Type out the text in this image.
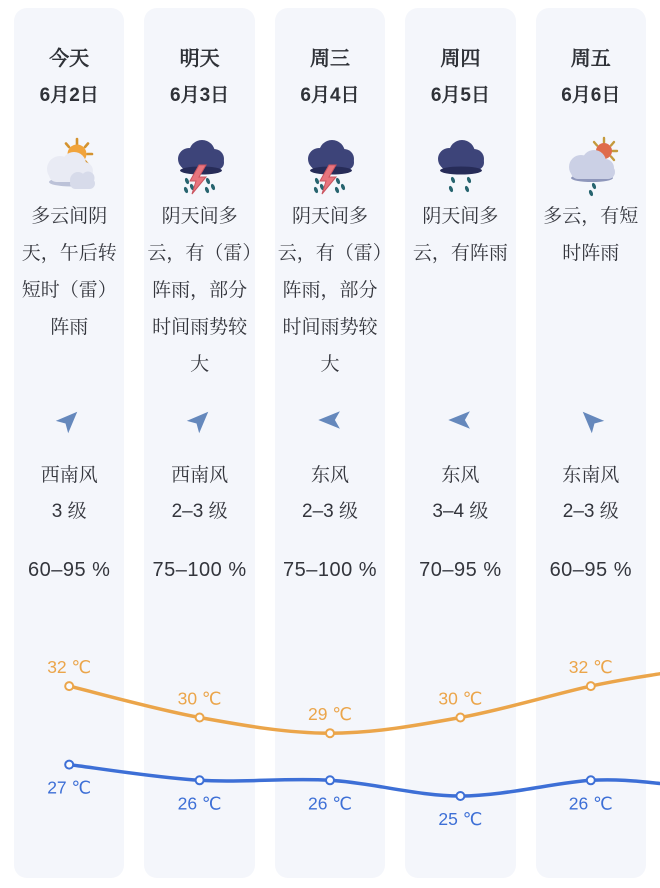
今天
6月2日
多云间阴天，午后转短时（雷）阵雨
西南风
3 级
60–95 %
明天
6月3日
阴天间多云，有（雷）阵雨，部分时间雨势较大
西南风
2–3 级
75–100 %
周三
6月4日
阴天间多云，有（雷）阵雨，部分时间雨势较大
东风
2–3 级
75–100 %
周四
6月5日
阴天间多云，有阵雨
东风
3–4 级
70–95 %
周五
6月6日
多云，有短时阵雨
东南风
2–3 级
60–95 %
32 ℃
30 ℃
29 ℃
30 ℃
32 ℃
27 ℃
26 ℃	26 ℃
25 ℃
26 ℃
